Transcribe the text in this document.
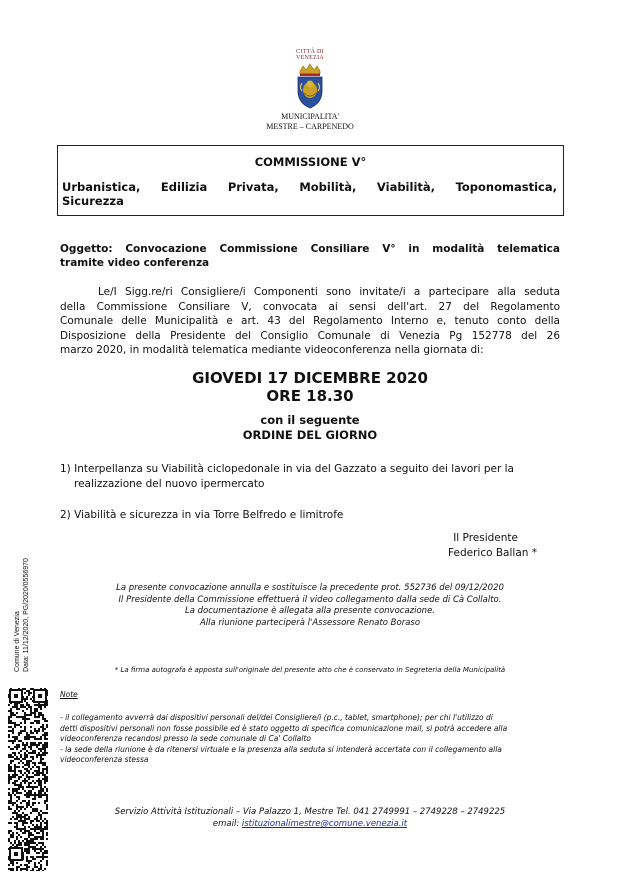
CITTÀ DI
VENEZIA
MUNICIPALITA'
MESTRE – CARPENEDO
COMMISSIONE V°
Urbanistica, Edilizia Privata, Mobilità, Viabilità, Toponomastica,
Sicurezza
Oggetto: Convocazione Commissione Consiliare V° in modalità telematica
tramite video conferenza
Le/I Sigg.re/ri Consigliere/i Componenti sono invitate/i a partecipare alla seduta
della Commissione Consiliare V, convocata ai sensi dell'art. 27 del Regolamento
Comunale delle Municipalità e art. 43 del Regolamento Interno e, tenuto conto della
Disposizione della Presidente del Consiglio Comunale di Venezia Pg 152778 del 26
marzo 2020, in modalità telematica mediante videoconferenza nella giornata di:
GIOVEDI 17 DICEMBRE 2020
ORE 18.30
con il seguente
ORDINE DEL GIORNO
1) Interpellanza su Viabilità ciclopedonale in via del Gazzato a seguito dei lavori per la
realizzazione del nuovo ipermercato
2) Viabilità e sicurezza in via Torre Belfredo e limitrofe
Il Presidente
Federico Ballan *
La presente convocazione annulla e sostituisce la precedente prot. 552736 del 09/12/2020
Il Presidente della Commissione effettuerà il video collegamento dalla sede di Cà Collalto.
La documentazione è allegata alla presente convocazione.
Alla riunione parteciperà l'Assessore Renato Boraso
* La firma autografa è apposta sull'originale del presente atto che è conservato in Segreteria della Municipalità
Note
- il collegamento avverrà dai dispositivi personali del/dei Consigliere/i (p.c., tablet, smartphone); per chi l'utilizzo di
detti dispositivi personali non fosse possibile ed è stato oggetto di specifica comunicazione mail, si potrà accedere alla
videoconferenza recandosi presso la sede comunale di Ca' Collalto
- la sede della riunione è da ritenersi virtuale e la presenza alla seduta si intenderà accertata con il collegamento alla
videoconferenza stessa
Servizio Attività Istituzionali – Via Palazzo 1, Mestre Tel. 041 2749991 – 2749228 – 2749225
email: istituzionalimestre@comune.venezia.it
Comune di Venezia Data: 11/12/2020, PG/2020/0556970
